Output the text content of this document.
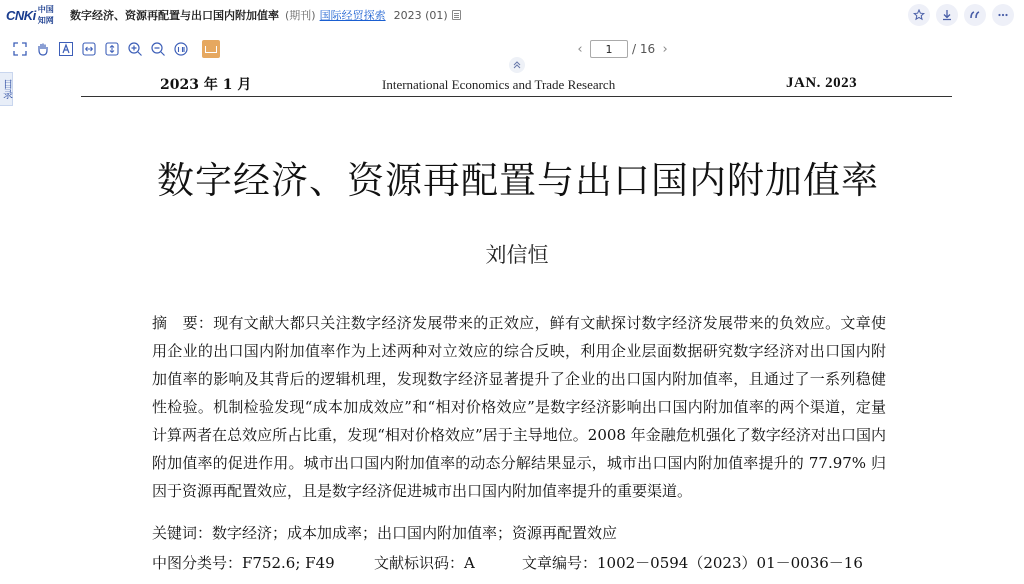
CNKi 中国知网	数字经济、资源再配置与出口国内附加值率 (期刊) 国际经贸探索 2023 (01)
‹
1	/ 16 ›
目录	2023 年 1 月	International Economics and Trade Research	JAN. 2023
数字经济、资源再配置与出口国内附加值率
刘信恒
摘　要：现有文献大都只关注数字经济发展带来的正效应，鲜有文献探讨数字经济发展带来的负效应。文章使用企业的出口国内附加值率作为上述两种对立效应的综合反映，利用企业层面数据研究数字经济对出口国内附加值率的影响及其背后的逻辑机理，发现数字经济显著提升了企业的出口国内附加值率，且通过了一系列稳健性检验。机制检验发现“成本加成效应”和“相对价格效应”是数字经济影响出口国内附加值率的两个渠道，定量计算两者在总效应所占比重，发现“相对价格效应”居于主导地位。2008 年金融危机强化了数字经济对出口国内附加值率的促进作用。城市出口国内附加值率的动态分解结果显示，城市出口国内附加值率提升的 77.97% 归因于资源再配置效应，且是数字经济促进城市出口国内附加值率提升的重要渠道。
关键词：数字经济；成本加成率；出口国内附加值率；资源再配置效应
中图分类号：F752.6; F49	文献标识码：A	文章编号：1002－0594（2023）01－0036－16
